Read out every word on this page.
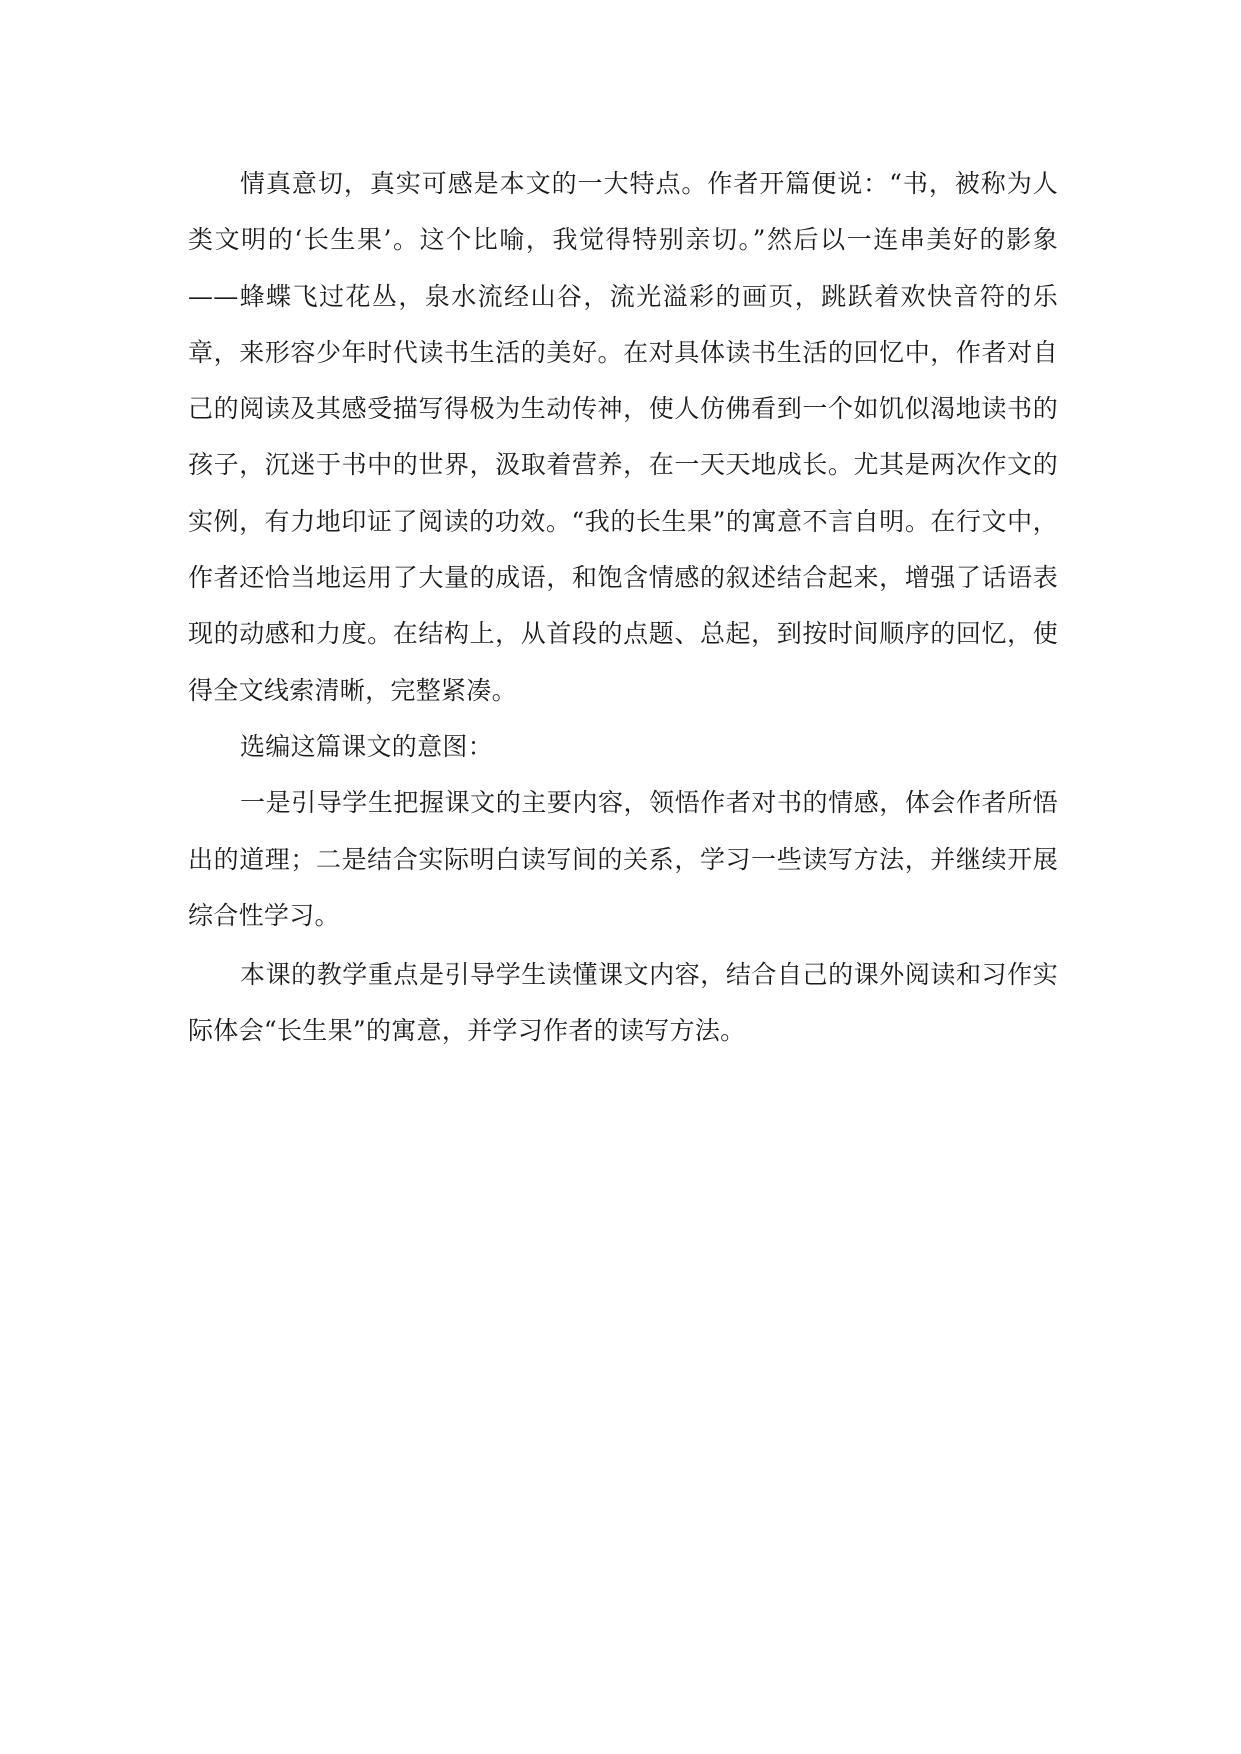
情真意切，真实可感是本文的一大特点。作者开篇便说：“书，被称为人类文明的‘长生果’。这个比喻，我觉得特别亲切。”然后以一连串美好的影象——蜂蝶飞过花丛，泉水流经山谷，流光溢彩的画页，跳跃着欢快音符的乐章，来形容少年时代读书生活的美好。在对具体读书生活的回忆中，作者对自己的阅读及其感受描写得极为生动传神，使人仿佛看到一个如饥似渴地读书的孩子，沉迷于书中的世界，汲取着营养，在一天天地成长。尤其是两次作文的实例，有力地印证了阅读的功效。“我的长生果”的寓意不言自明。在行文中，作者还恰当地运用了大量的成语，和饱含情感的叙述结合起来，增强了话语表现的动感和力度。在结构上，从首段的点题、总起，到按时间顺序的回忆，使得全文线索清晰，完整紧凑。

选编这篇课文的意图：

一是引导学生把握课文的主要内容，领悟作者对书的情感，体会作者所悟出的道理；二是结合实际明白读写间的关系，学习一些读写方法，并继续开展综合性学习。

本课的教学重点是引导学生读懂课文内容，结合自己的课外阅读和习作实际体会“长生果”的寓意，并学习作者的读写方法。
